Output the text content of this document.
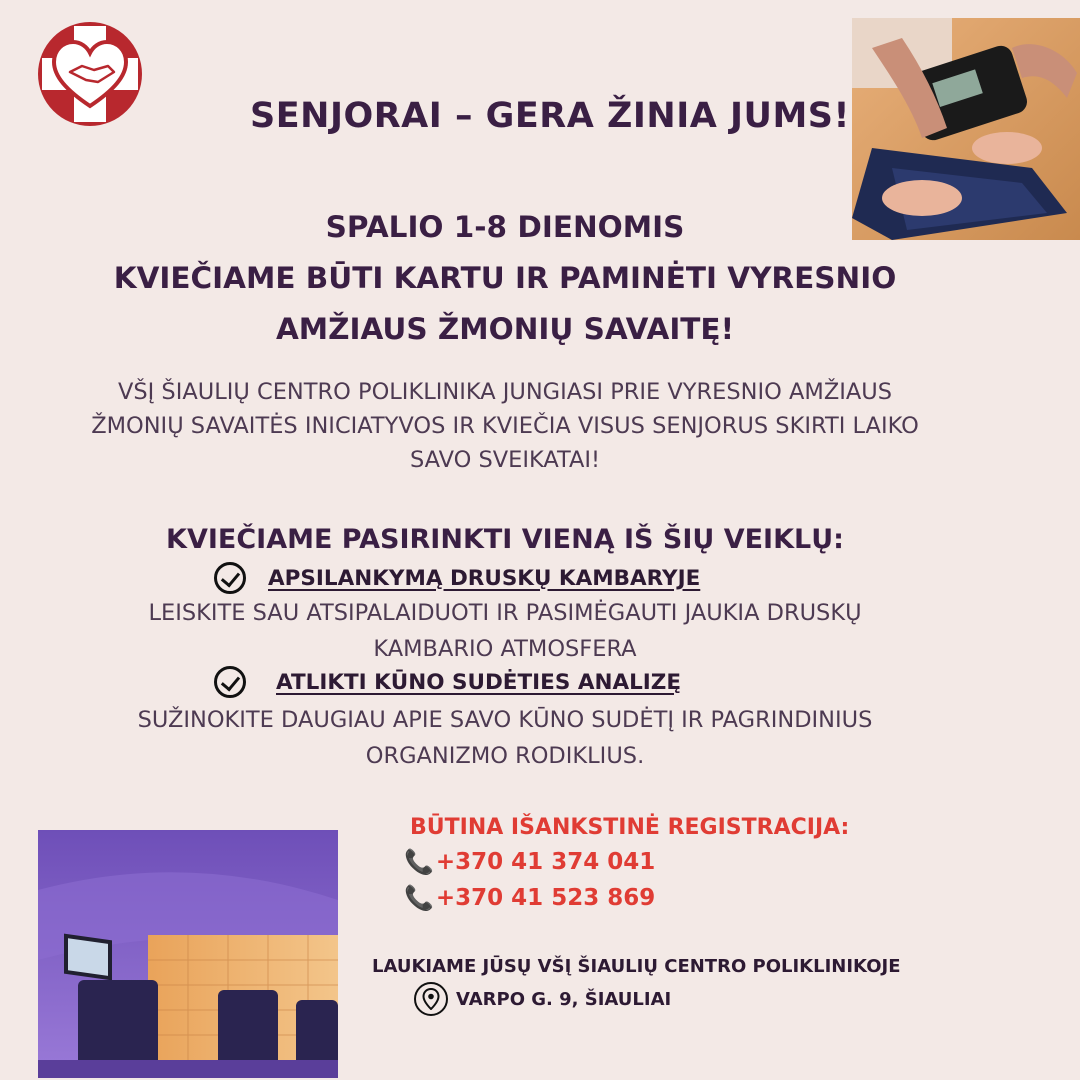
SENJORAI – GERA ŽINIA JUMS!
SPALIO 1-8 DIENOMIS
KVIEČIAME BŪTI KARTU IR PAMINĖTI VYRESNIO
AMŽIAUS ŽMONIŲ SAVAITĘ!
VŠĮ ŠIAULIŲ CENTRO POLIKLINIKA JUNGIASI PRIE VYRESNIO AMŽIAUS
ŽMONIŲ SAVAITĖS INICIATYVOS IR KVIEČIA VISUS SENJORUS SKIRTI LAIKO
SAVO SVEIKATAI!
KVIEČIAME PASIRINKTI VIENĄ IŠ ŠIŲ VEIKLŲ:
APSILANKYMĄ DRUSKŲ KAMBARYJE
LEISKITE SAU ATSIPALAIDUOTI IR PASIMĖGAUTI JAUKIA DRUSKŲ
KAMBARIO ATMOSFERA
ATLIKTI KŪNO SUDĖTIES ANALIZĘ
SUŽINOKITE DAUGIAU APIE SAVO KŪNO SUDĖTĮ IR PAGRINDINIUS
ORGANIZMO RODIKLIUS.
BŪTINA IŠANKSTINĖ REGISTRACIJA:
📞 +370 41 374 041
📞 +370 41 523 869
LAUKIAME JŪSŲ VŠĮ ŠIAULIŲ CENTRO POLIKLINIKOJE
VARPO G. 9, ŠIAULIAI
